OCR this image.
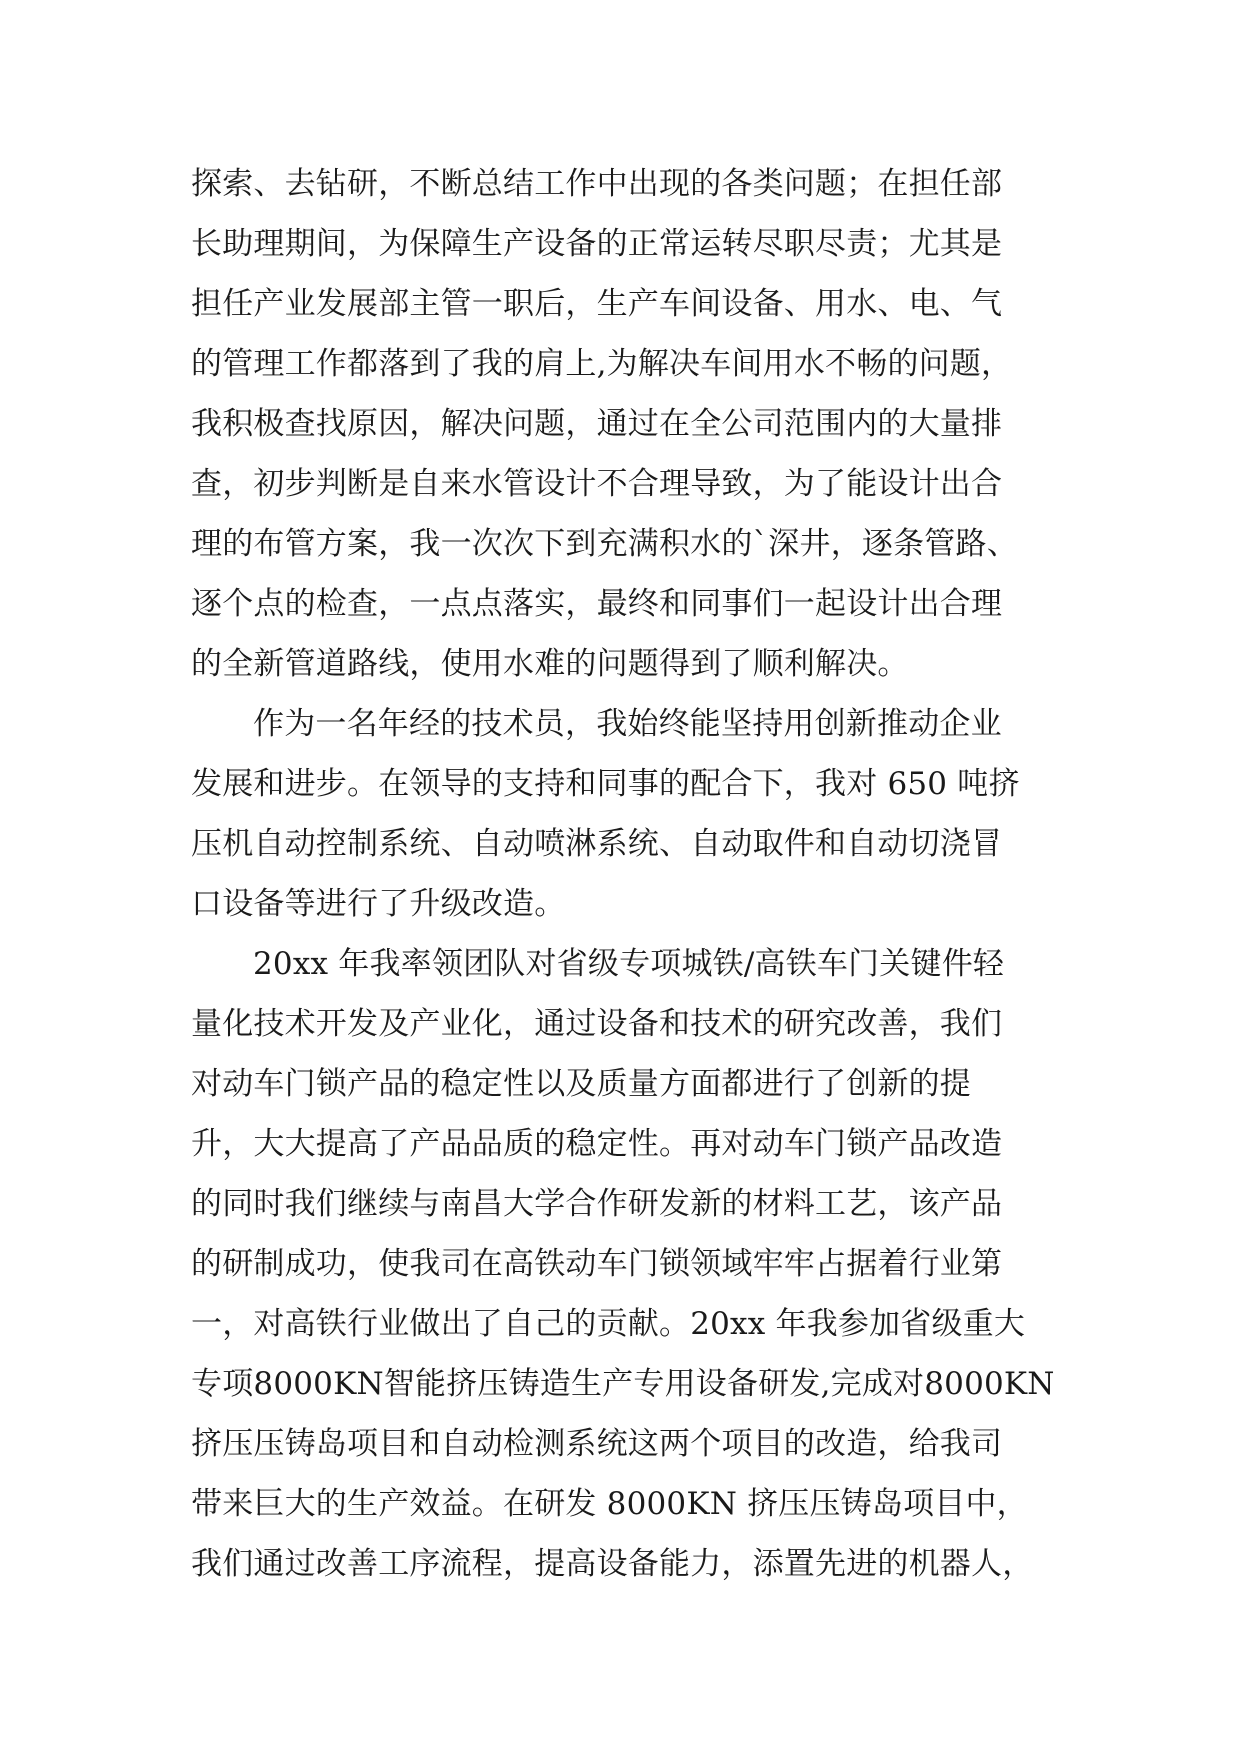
探索、去钻研，不断总结工作中出现的各类问题；在担任部
长助理期间，为保障生产设备的正常运转尽职尽责；尤其是
担任产业发展部主管一职后，生产车间设备、用水、电、气
的管理工作都落到了我的肩上,为解决车间用水不畅的问题，
我积极查找原因，解决问题，通过在全公司范围内的大量排
查，初步判断是自来水管设计不合理导致，为了能设计出合
理的布管方案，我一次次下到充满积水的`深井，逐条管路、
逐个点的检查，一点点落实，最终和同事们一起设计出合理
的全新管道路线，使用水难的问题得到了顺利解决。
作为一名年经的技术员，我始终能坚持用创新推动企业
发展和进步。在领导的支持和同事的配合下，我对 650 吨挤
压机自动控制系统、自动喷淋系统、自动取件和自动切浇冒
口设备等进行了升级改造。
20xx 年我率领团队对省级专项城铁/高铁车门关键件轻
量化技术开发及产业化，通过设备和技术的研究改善，我们
对动车门锁产品的稳定性以及质量方面都进行了创新的提
升，大大提高了产品品质的稳定性。再对动车门锁产品改造
的同时我们继续与南昌大学合作研发新的材料工艺，该产品
的研制成功，使我司在高铁动车门锁领域牢牢占据着行业第
一，对高铁行业做出了自己的贡献。20xx 年我参加省级重大
专项8000KN智能挤压铸造生产专用设备研发,完成对8000KN
挤压压铸岛项目和自动检测系统这两个项目的改造，给我司
带来巨大的生产效益。在研发 8000KN 挤压压铸岛项目中，
我们通过改善工序流程，提高设备能力，添置先进的机器人，
